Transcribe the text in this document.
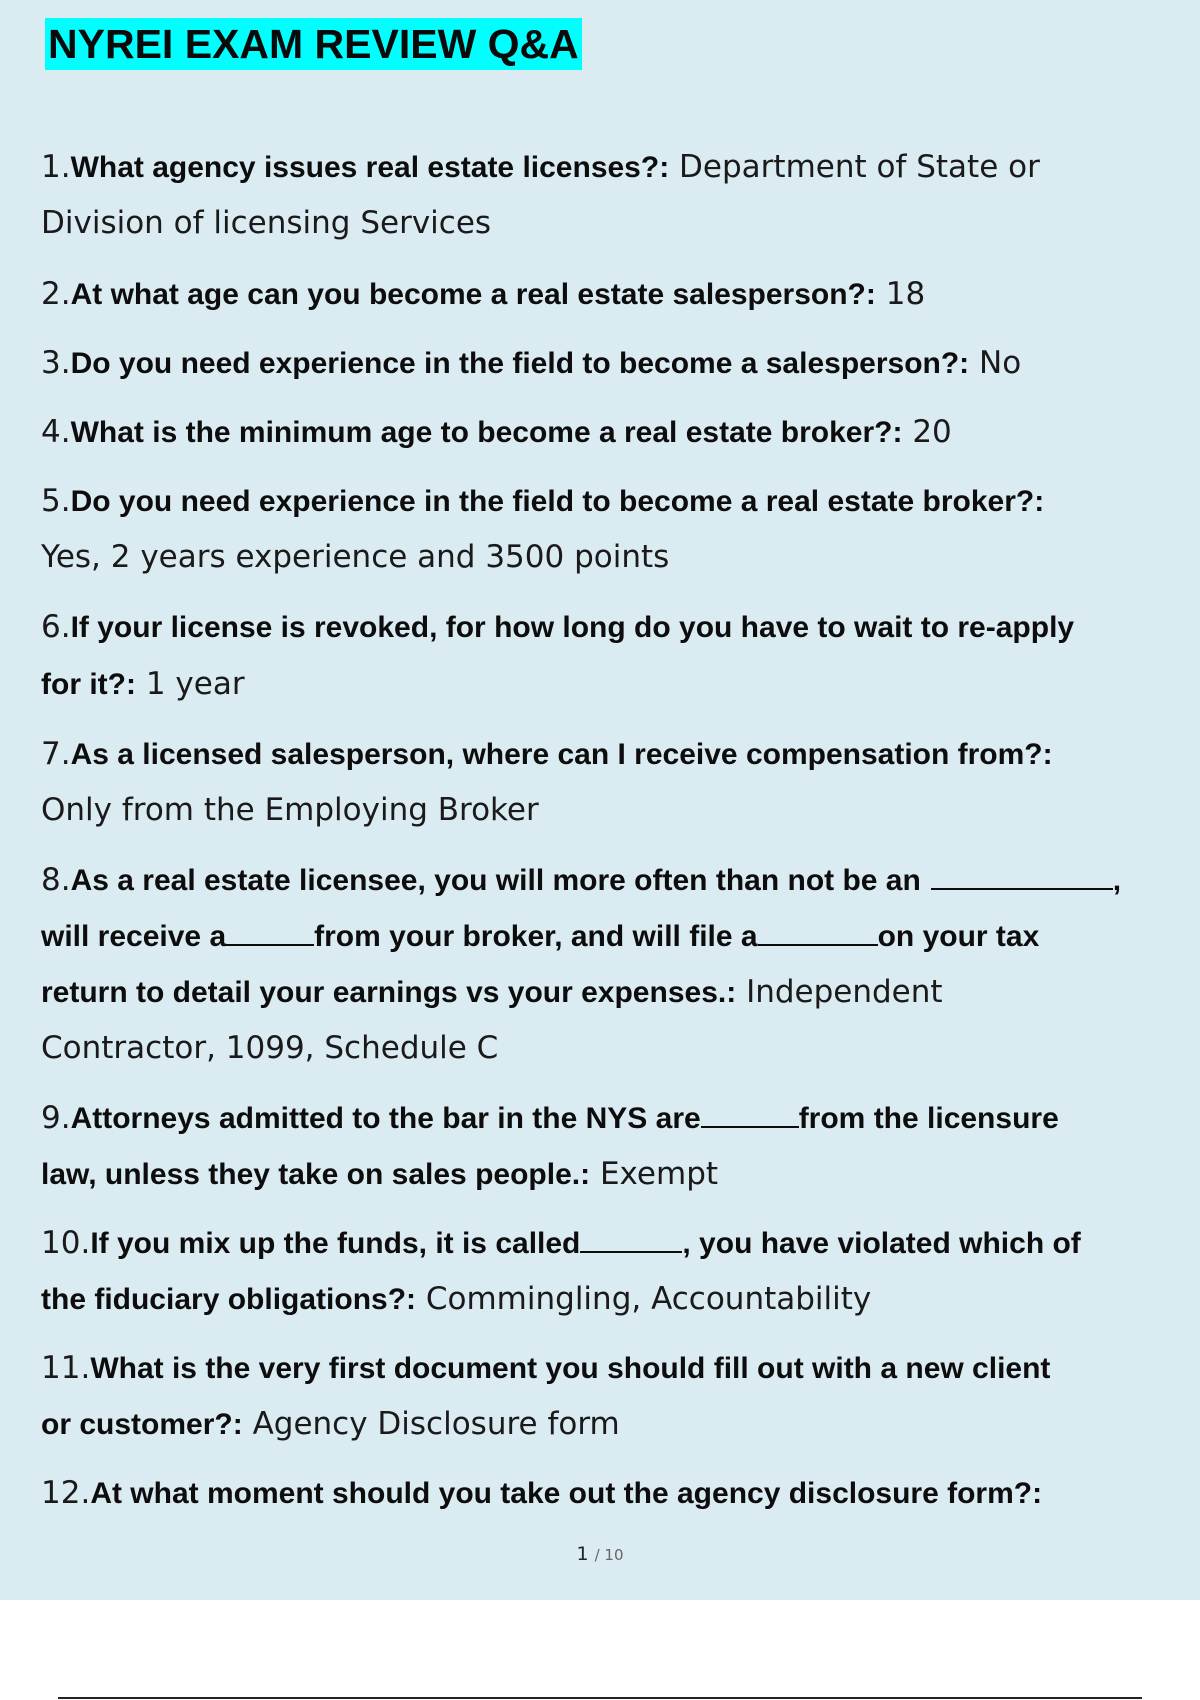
NYREI EXAM REVIEW Q&A
1.What agency issues real estate licenses?: Department of State or
Division of licensing Services
2.At what age can you become a real estate salesperson?: 18
3.Do you need experience in the field to become a salesperson?: No
4.What is the minimum age to become a real estate broker?: 20
5.Do you need experience in the field to become a real estate broker?:
Yes, 2 years experience and 3500 points
6.If your license is revoked, for how long do you have to wait to re-apply
for it?: 1 year
7.As a licensed salesperson, where can I receive compensation from?:
Only from the Employing Broker
8.As a real estate licensee, you will more often than not be an	,
will receive a	from your broker, and will file a	on your tax
return to detail your earnings vs your expenses.: Independent
Contractor, 1099, Schedule C
9.Attorneys admitted to the bar in the NYS are	from the licensure
law, unless they take on sales people.: Exempt
10.If you mix up the funds, it is called	, you have violated which of
the fiduciary obligations?: Commingling, Accountability
11.What is the very first document you should fill out with a new client
or customer?: Agency Disclosure form
12.At what moment should you take out the agency disclosure form?:
1 / 10
